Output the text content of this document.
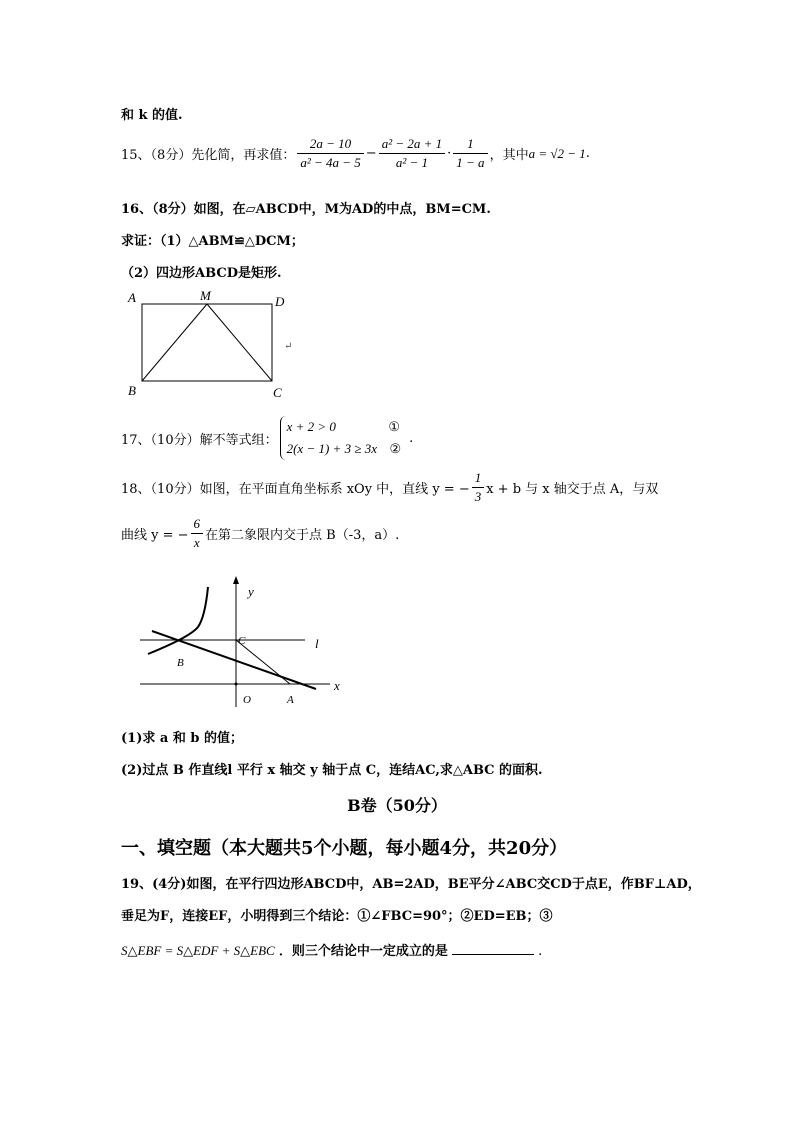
和 k 的值.
15、（8分）先化简，再求值： $\frac{2a - 10}{\text{a² − 4a − 5}} - \frac{\text{a² − 2a + 1}}{\text{a² − 1}} \cdot \frac{1}{1 - a}$ ，其中 a = √2 − 1 .
16、（8分）如图，在▱ABCD中，M为AD的中点，BM=CM.
求证：（1）△ABM≌△DCM；
（2）四边形ABCD是矩形.
A	M	D
B	C
↵
17、（10分）解不等式组：
x + 2 > 0	①
2(x − 1) + 3 ≥ 3x ②
.
18、（10分）如图，在平面直角坐标系 xOy 中，直线 y = − $\frac{1}{3}$ x + b 与 x 轴交于点 A，与双
曲线 y = − $\frac{6}{x}$ 在第二象限内交于点 B（-3，a）.
y
x
l
C
B
O	A
(1)求 a 和 b 的值；
(2)过点 B 作直线l 平行 x 轴交 y 轴于点 C，连结AC,求△ABC 的面积.
B卷（50分）
一、填空题（本大题共5个小题，每小题4分，共20分）
19、(4分)如图，在平行四边形ABCD中，AB=2AD，BE平分∠ABC交CD于点E，作BF⊥AD，
垂足为F，连接EF，小明得到三个结论：①∠FBC=90°；②ED=EB；③
S△EBF = S△EDF + S△EBC ．则三个结论中一定成立的是	.
